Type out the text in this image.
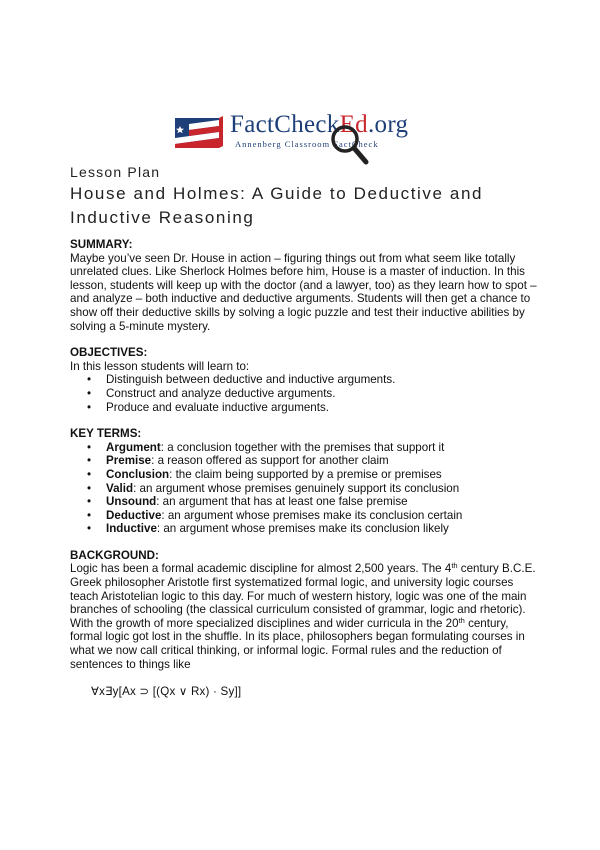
FactCheckEd.org
Annenberg Classroom FactCheck
Lesson Plan
House and Holmes: A Guide to Deductive and Inductive Reasoning

SUMMARY:

Maybe you’ve seen Dr. House in action – figuring things out from what seem like totally unrelated clues. Like Sherlock Holmes before him, House is a master of induction. In this lesson, students will keep up with the doctor (and a lawyer, too) as they learn how to spot – and analyze – both inductive and deductive arguments. Students will then get a chance to show off their deductive skills by solving a logic puzzle and test their inductive abilities by solving a 5-minute mystery.

OBJECTIVES:

In this lesson students will learn to:

• Distinguish between deductive and inductive arguments.
• Construct and analyze deductive arguments.
• Produce and evaluate inductive arguments.

KEY TERMS:

• Argument: a conclusion together with the premises that support it
• Premise: a reason offered as support for another claim
• Conclusion: the claim being supported by a premise or premises
• Valid: an argument whose premises genuinely support its conclusion
• Unsound: an argument that has at least one false premise
• Deductive: an argument whose premises make its conclusion certain
• Inductive: an argument whose premises make its conclusion likely

BACKGROUND:

Logic has been a formal academic discipline for almost 2,500 years. The 4th century B.C.E. Greek philosopher Aristotle first systematized formal logic, and university logic courses teach Aristotelian logic to this day. For much of western history, logic was one of the main branches of schooling (the classical curriculum consisted of grammar, logic and rhetoric). With the growth of more specialized disciplines and wider curricula in the 20th century, formal logic got lost in the shuffle. In its place, philosophers began formulating courses in what we now call critical thinking, or informal logic. Formal rules and the reduction of sentences to things like

∀x∃y[Ax ⊃ [(Qx ∨ Rx) · Sy]]
